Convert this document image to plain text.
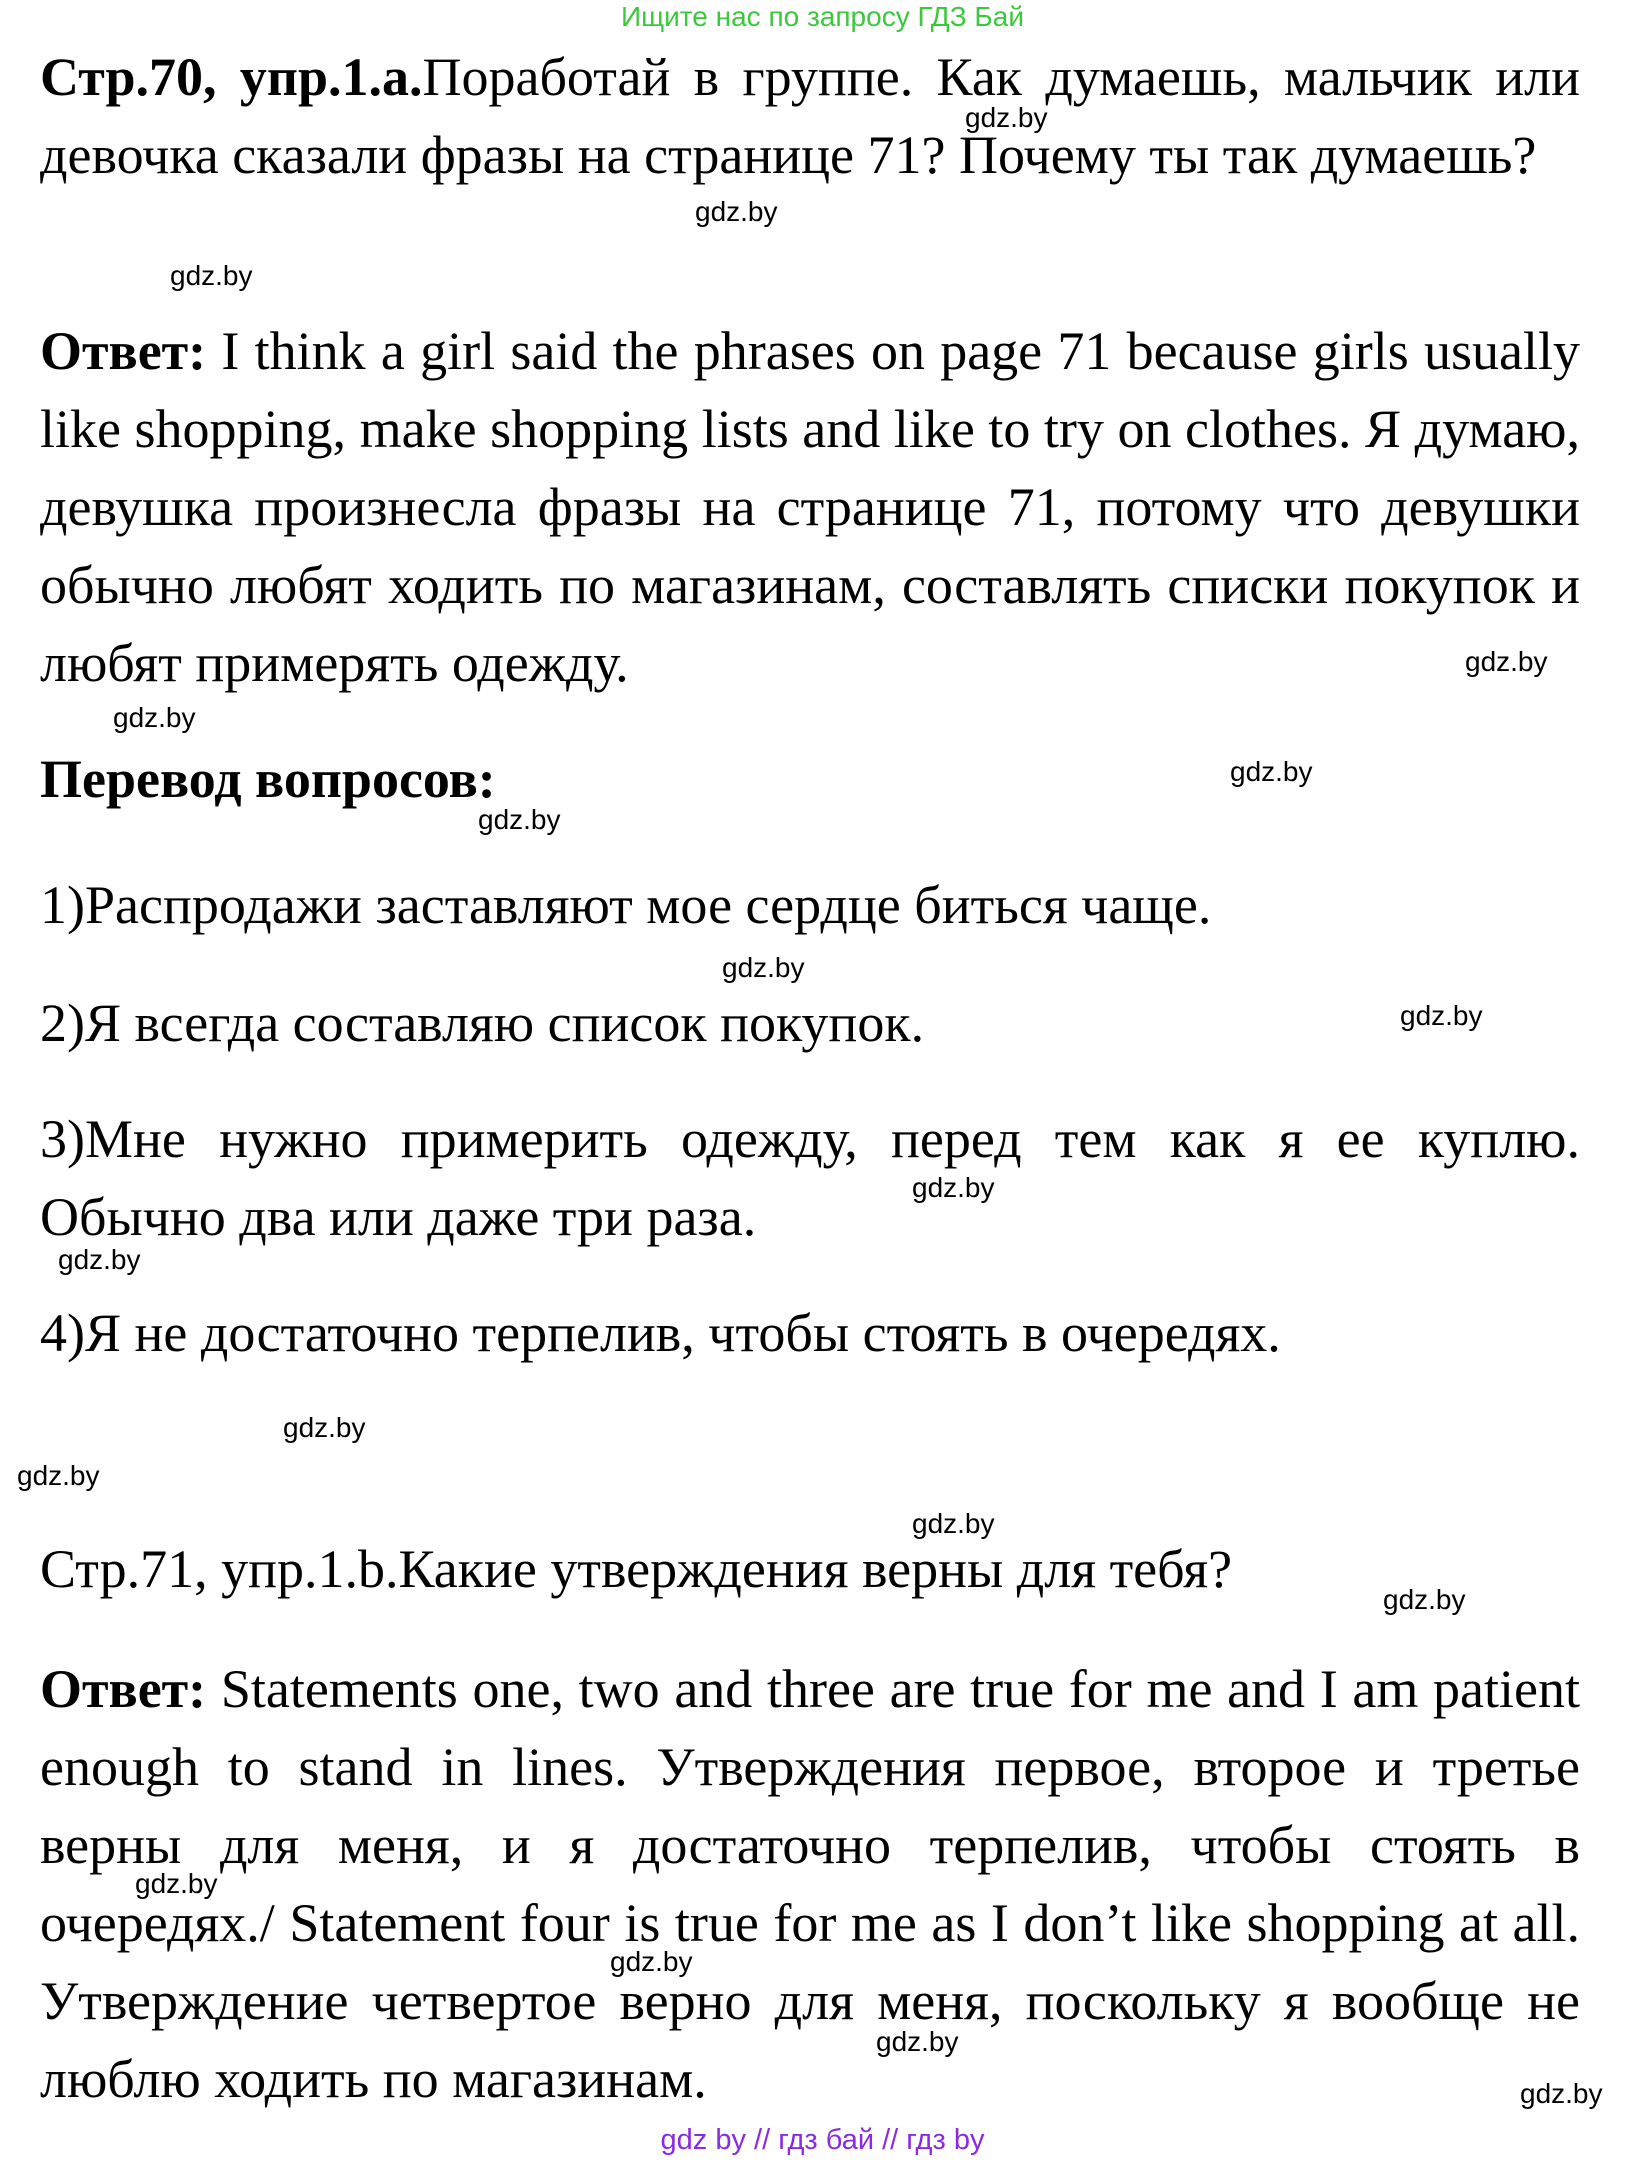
Ищите нас по запросу ГДЗ Бай

Стр.70, упр.1.a.Поработай в группе. Как думаешь, мальчик или девочка сказали фразы на странице 71? Почему ты так думаешь?

Ответ: I think a girl said the phrases on page 71 because girls usually like shopping, make shopping lists and like to try on clothes. Я думаю, девушка произнесла фразы на странице 71, потому что девушки обычно любят ходить по магазинам, составлять списки покупок и любят примерять одежду.

Перевод вопросов:

1)Распродажи заставляют мое сердце биться чаще.

2)Я всегда составляю список покупок.

3)Мне нужно примерить одежду, перед тем как я ее куплю. Обычно два или даже три раза.

4)Я не достаточно терпелив, чтобы стоять в очередях.

Стр.71, упр.1.b.Какие утверждения верны для тебя?

Ответ: Statements one, two and three are true for me and I am patient enough to stand in lines. Утверждения первое, второе и третье верны для меня, и я достаточно терпелив, чтобы стоять в очередях./ Statement four is true for me as I don’t like shopping at all. Утверждение четвертое верно для меня, поскольку я вообще не люблю ходить по магазинам.

gdz.by
gdz.by
gdz.by
gdz.by
gdz.by
gdz.by
gdz.by
gdz.by
gdz.by
gdz.by
gdz.by
gdz.by
gdz.by
gdz.by
gdz.by
gdz.by
gdz.by
gdz.by
gdz.by
gdz by // гдз бай // гдз by
